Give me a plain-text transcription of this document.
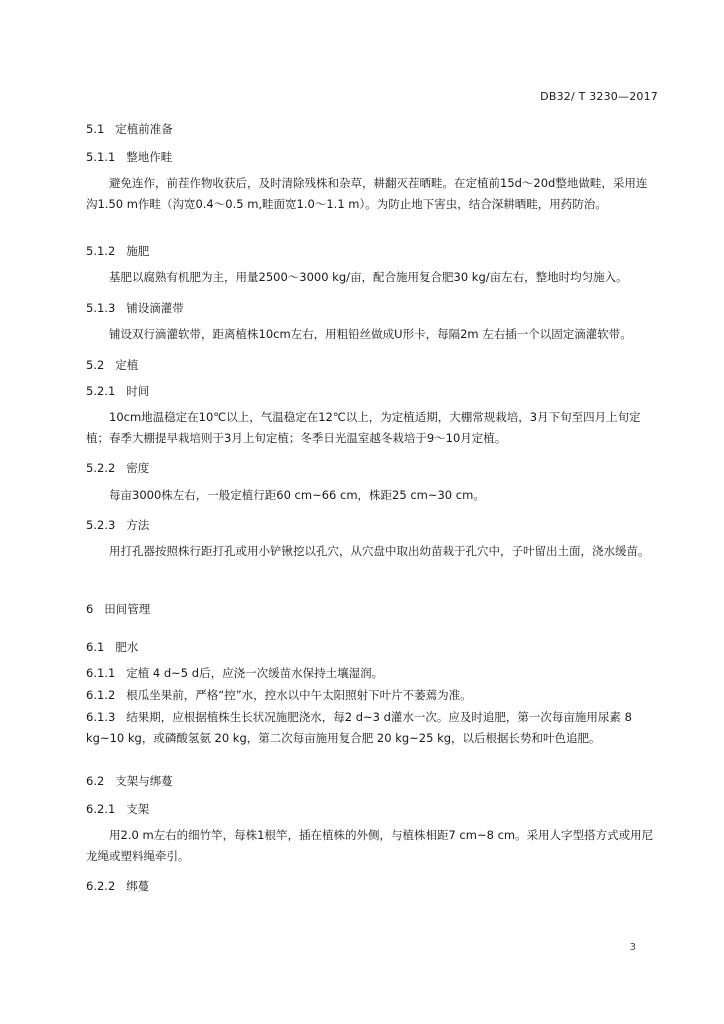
DB32/ T 3230—2017
5.1 定植前准备
5.1.1 整地作畦
避免连作，前茬作物收获后，及时清除残株和杂草，耕翻灭茬晒畦。在定植前15d～20d整地做畦，采用连沟1.50 m作畦（沟宽0.4～0.5 m,畦面宽1.0～1.1 m）。为防止地下害虫，结合深耕晒畦，用药防治。
5.1.2 施肥
基肥以腐熟有机肥为主，用量2500～3000 kg/亩，配合施用复合肥30 kg/亩左右，整地时均匀施入。
5.1.3 铺设滴灌带
铺设双行滴灌软带，距离植株10cm左右，用粗铅丝做成U形卡，每隔2m 左右插一个以固定滴灌软带。
5.2 定植
5.2.1 时间
10cm地温稳定在10℃以上，气温稳定在12℃以上，为定植适期，大棚常规栽培，3月下旬至四月上旬定植；春季大棚提早栽培则于3月上旬定植；冬季日光温室越冬栽培于9～10月定植。
5.2.2 密度
每亩3000株左右，一般定植行距60 cm~66 cm，株距25 cm~30 cm。
5.2.3 方法
用打孔器按照株行距打孔或用小铲锹挖以孔穴，从穴盘中取出幼苗栽于孔穴中，子叶留出土面，浇水缓苗。
6 田间管理
6.1 肥水
6.1.1 定植 4 d~5 d后，应浇一次缓苗水保持土壤湿润。
6.1.2 根瓜坐果前，严格“控”水，控水以中午太阳照射下叶片不萎蔫为准。
6.1.3 结果期，应根据植株生长状况施肥浇水，每2 d~3 d灌水一次。应及时追肥，第一次每亩施用尿素 8 kg~10 kg，或磷酸氢氨 20 kg，第二次每亩施用复合肥 20 kg~25 kg，以后根据长势和叶色追肥。
6.2 支架与绑蔓
6.2.1 支架
用2.0 m左右的细竹竿，每株1根竿，插在植株的外侧，与植株相距7 cm~8 cm。采用人字型搭方式或用尼龙绳或塑料绳牵引。
6.2.2 绑蔓
3
